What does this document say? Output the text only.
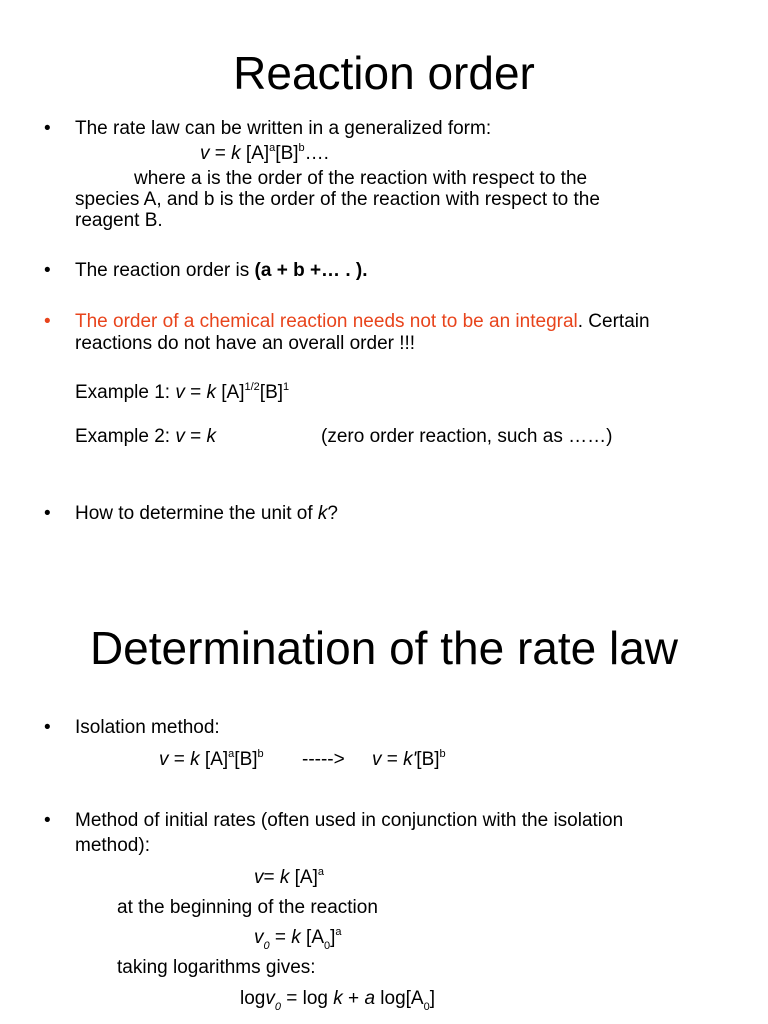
Reaction order
• The rate law can be written in a generalized form:
v = k $[A]^a[B]^b\dots$.
where a is the order of the reaction with respect to the
species A, and b is the order of the reaction with respect to the
reagent B.
• The reaction order is (a + b +… . ).
• The order of a chemical reaction needs not to be an integral. Certain
reactions do not have an overall order !!!
Example 1: v = k $[A]^{1/2}[B]^1$
Example 2: v = k	(zero order reaction, such as ……)
• How to determine the unit of k?
Determination of the rate law
• Isolation method:
v = k $[A]^a[B]^b$ -----> $v = k'[B]^b$
• Method of initial rates (often used in conjunction with the isolation
method):
v= k $[A]^a$
at the beginning of the reaction
$v_0 = k$ $[A_0]^a$
taking logarithms gives:
logv$_0$ = log k + a $\log[A_0]$
